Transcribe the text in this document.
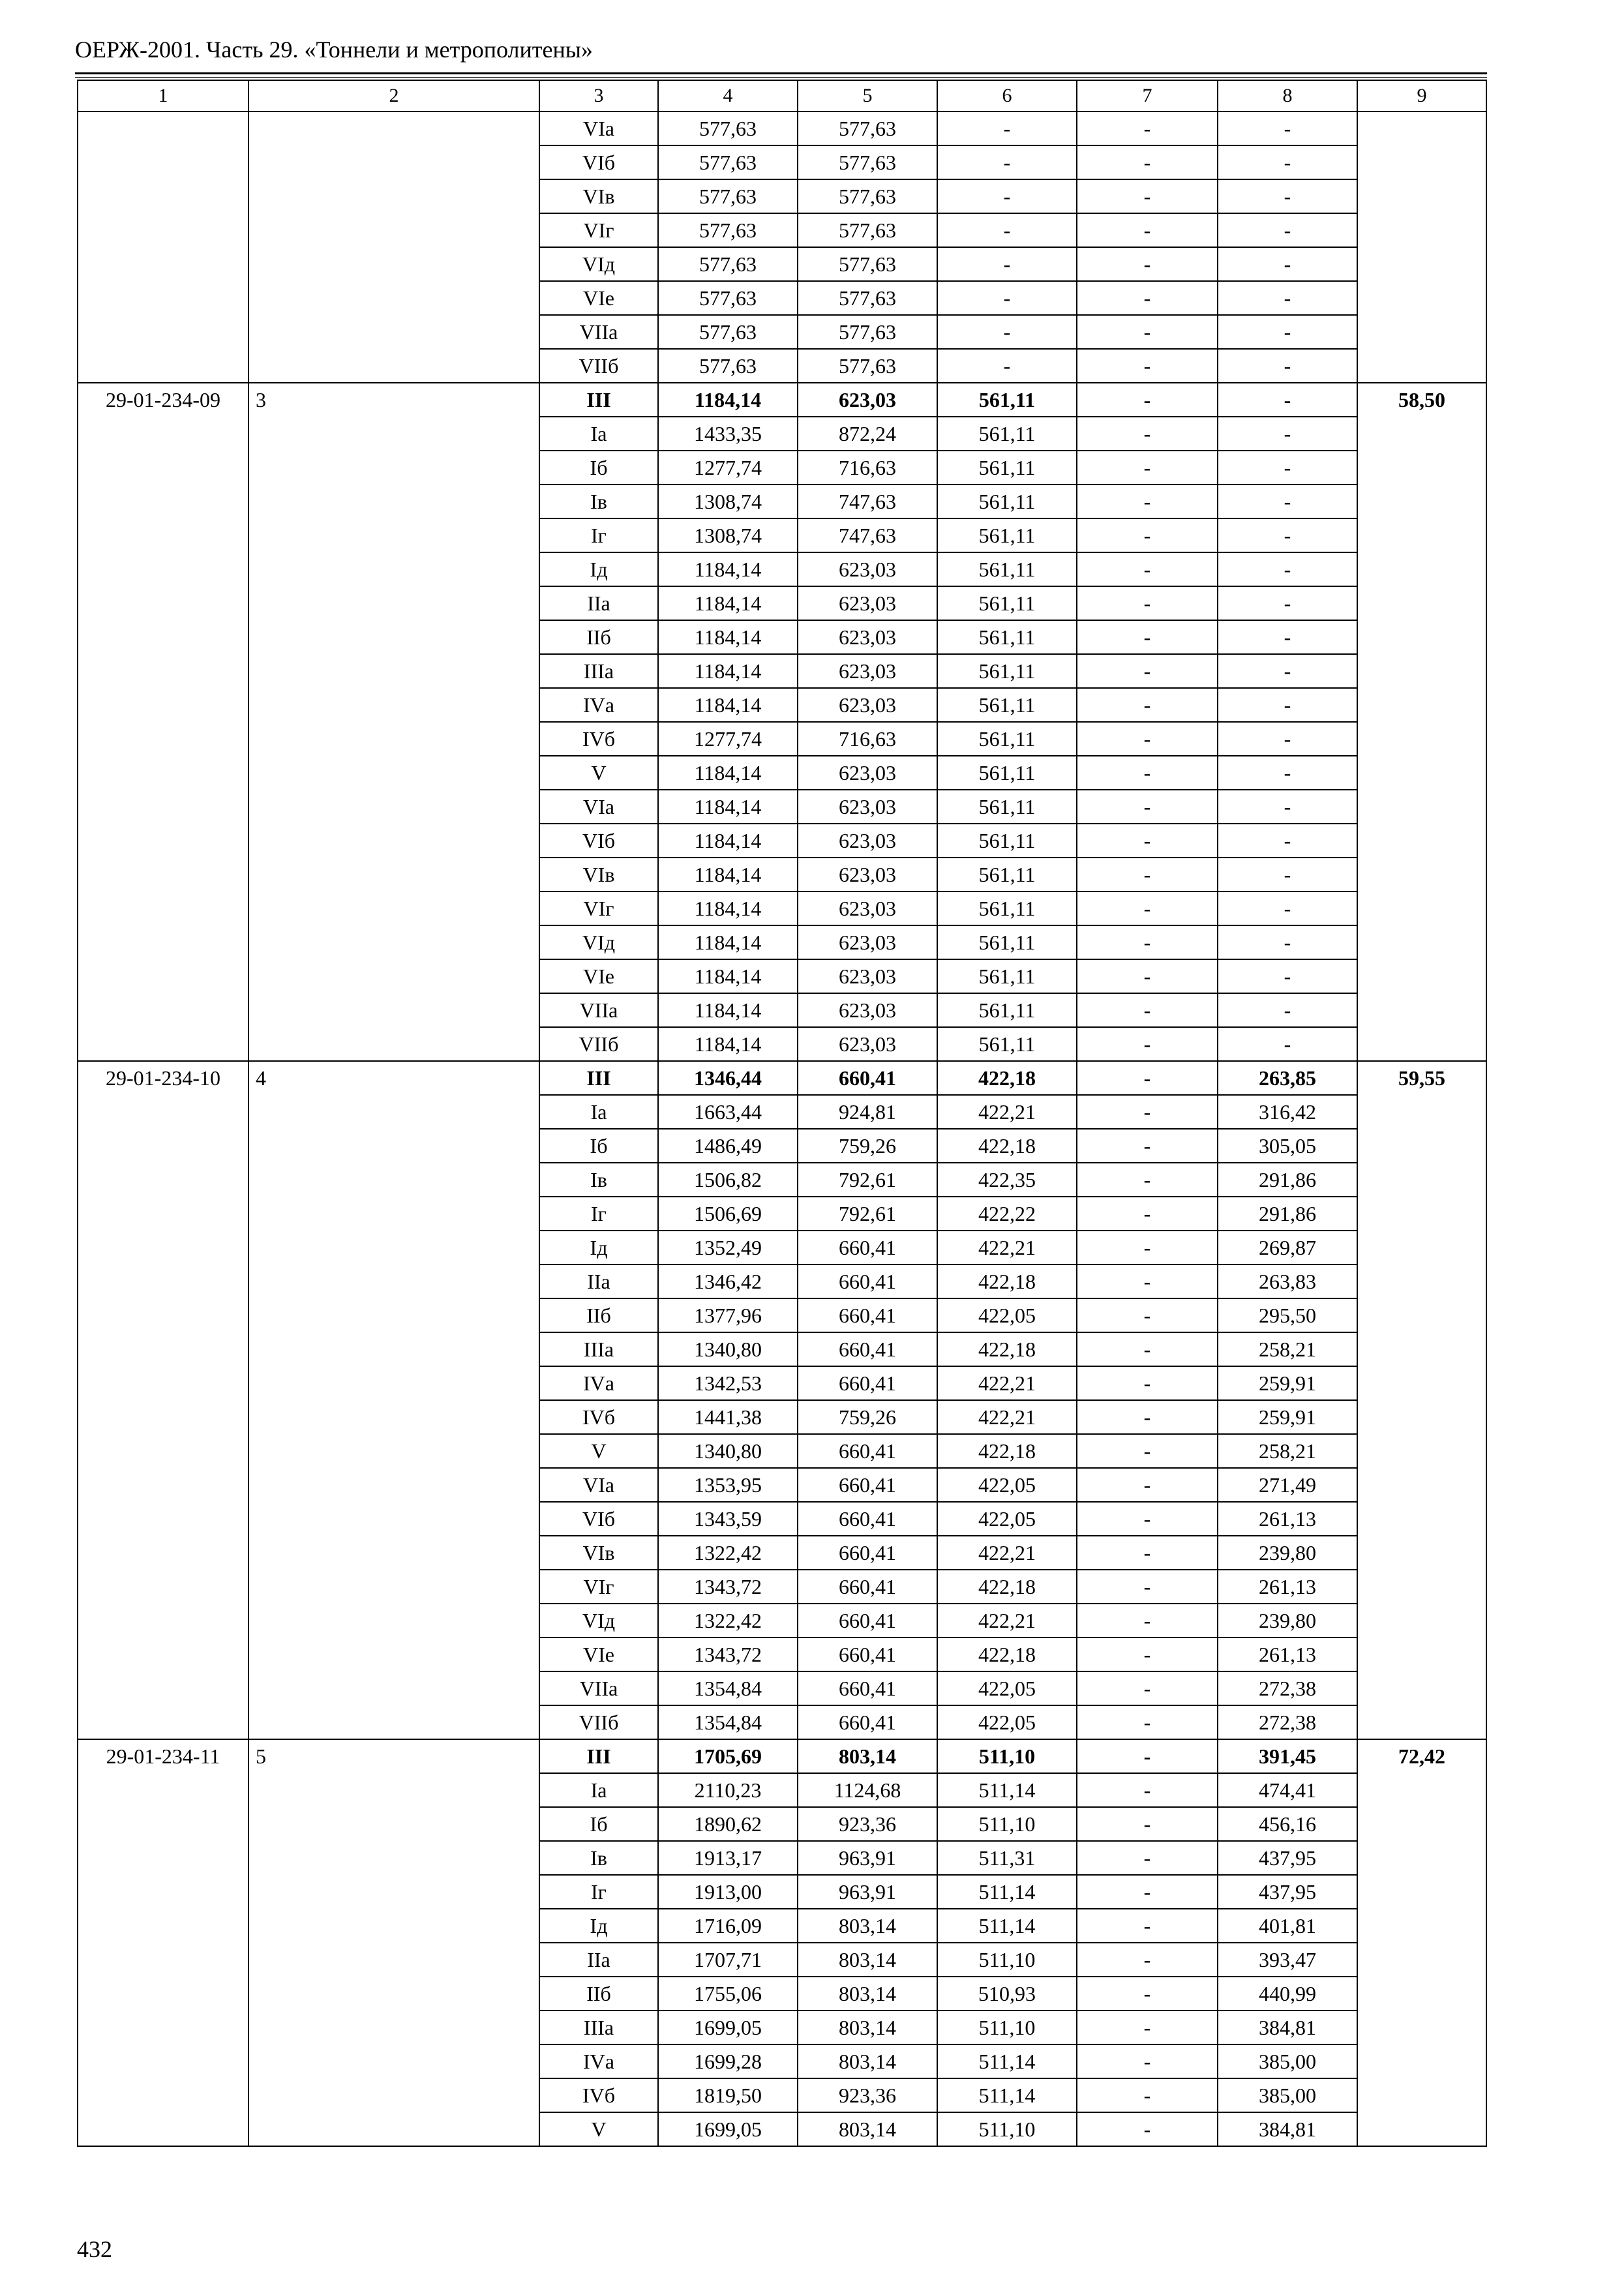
ОЕРЖ-2001. Часть 29. «Тоннели и метрополитены»
1	2	3	4	5	6	7	8	9
		VIа	577,63	577,63	-	-	-	
		VIб	577,63	577,63	-	-	-	
		VIв	577,63	577,63	-	-	-	
		VIг	577,63	577,63	-	-	-	
		VIд	577,63	577,63	-	-	-	
		VIе	577,63	577,63	-	-	-	
		VIIа	577,63	577,63	-	-	-	
		VIIб	577,63	577,63	-	-	-	
29-01-234-09	3	III	1184,14	623,03	561,11	-	-	58,50
		Iа	1433,35	872,24	561,11	-	-	
		Iб	1277,74	716,63	561,11	-	-	
		Iв	1308,74	747,63	561,11	-	-	
		Iг	1308,74	747,63	561,11	-	-	
		Iд	1184,14	623,03	561,11	-	-	
		IIа	1184,14	623,03	561,11	-	-	
		IIб	1184,14	623,03	561,11	-	-	
		IIIа	1184,14	623,03	561,11	-	-	
		IVа	1184,14	623,03	561,11	-	-	
		IVб	1277,74	716,63	561,11	-	-	
		V	1184,14	623,03	561,11	-	-	
		VIа	1184,14	623,03	561,11	-	-	
		VIб	1184,14	623,03	561,11	-	-	
		VIв	1184,14	623,03	561,11	-	-	
		VIг	1184,14	623,03	561,11	-	-	
		VIд	1184,14	623,03	561,11	-	-	
		VIе	1184,14	623,03	561,11	-	-	
		VIIа	1184,14	623,03	561,11	-	-	
		VIIб	1184,14	623,03	561,11	-	-	
29-01-234-10	4	III	1346,44	660,41	422,18	-	263,85	59,55
		Iа	1663,44	924,81	422,21	-	316,42	
		Iб	1486,49	759,26	422,18	-	305,05	
		Iв	1506,82	792,61	422,35	-	291,86	
		Iг	1506,69	792,61	422,22	-	291,86	
		Iд	1352,49	660,41	422,21	-	269,87	
		IIа	1346,42	660,41	422,18	-	263,83	
		IIб	1377,96	660,41	422,05	-	295,50	
		IIIа	1340,80	660,41	422,18	-	258,21	
		IVа	1342,53	660,41	422,21	-	259,91	
		IVб	1441,38	759,26	422,21	-	259,91	
		V	1340,80	660,41	422,18	-	258,21	
		VIа	1353,95	660,41	422,05	-	271,49	
		VIб	1343,59	660,41	422,05	-	261,13	
		VIв	1322,42	660,41	422,21	-	239,80	
		VIг	1343,72	660,41	422,18	-	261,13	
		VIд	1322,42	660,41	422,21	-	239,80	
		VIе	1343,72	660,41	422,18	-	261,13	
		VIIа	1354,84	660,41	422,05	-	272,38	
		VIIб	1354,84	660,41	422,05	-	272,38	
29-01-234-11	5	III	1705,69	803,14	511,10	-	391,45	72,42
		Iа	2110,23	1124,68	511,14	-	474,41	
		Iб	1890,62	923,36	511,10	-	456,16	
		Iв	1913,17	963,91	511,31	-	437,95	
		Iг	1913,00	963,91	511,14	-	437,95	
		Iд	1716,09	803,14	511,14	-	401,81	
		IIа	1707,71	803,14	511,10	-	393,47	
		IIб	1755,06	803,14	510,93	-	440,99	
		IIIа	1699,05	803,14	511,10	-	384,81	
		IVа	1699,28	803,14	511,14	-	385,00	
		IVб	1819,50	923,36	511,14	-	385,00	
		V	1699,05	803,14	511,10	-	384,81	
432
